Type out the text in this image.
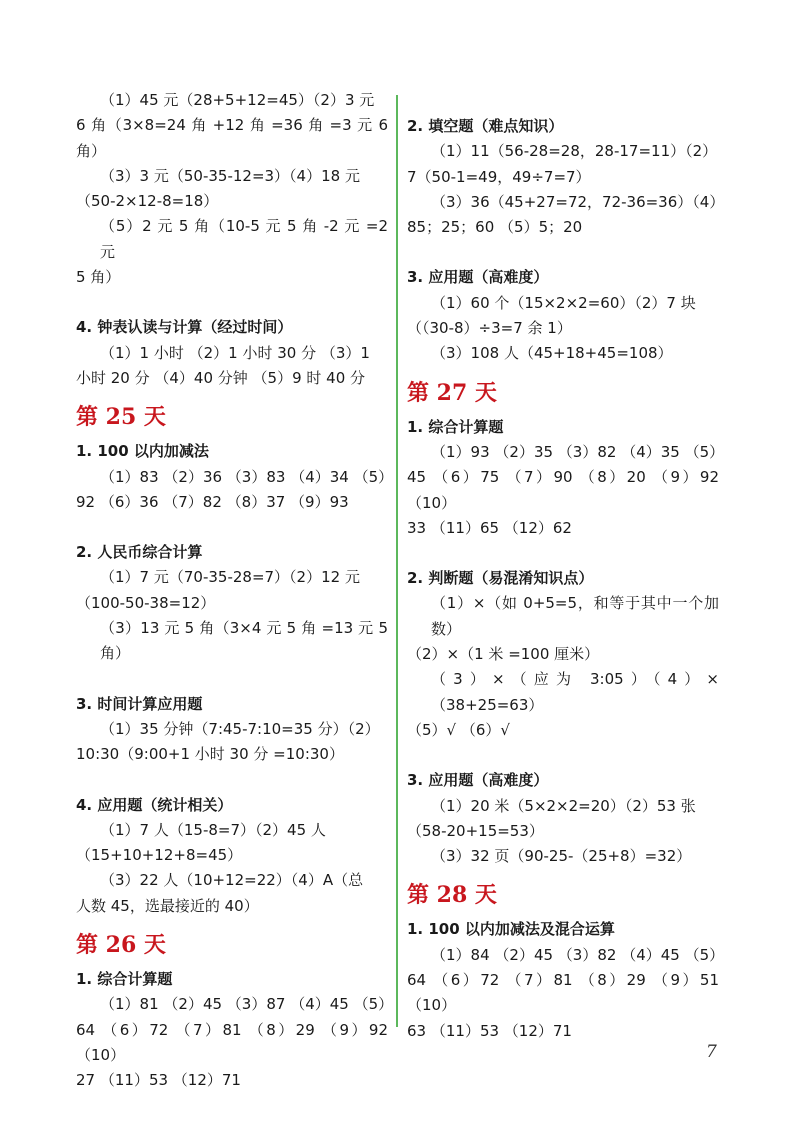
（1）45 元（28+5+12=45）（2）3 元

6 角（3×8=24 角 +12 角 =36 角 =3 元 6 角）

（3）3 元（50-35-12=3）（4）18 元

（50-2×12-8=18）

（5）2 元 5 角（10-5 元 5 角 -2 元 =2 元

5 角）

4. 钟表认读与计算（经过时间）

（1）1 小时 （2）1 小时 30 分 （3）1

小时 20 分 （4）40 分钟 （5）9 时 40 分

第 25 天

1. 100 以内加减法

（1）83 （2）36 （3）83 （4）34 （5）

92 （6）36 （7）82 （8）37 （9）93

2. 人民币综合计算

（1）7 元（70-35-28=7）（2）12 元

（100-50-38=12）

（3）13 元 5 角（3×4 元 5 角 =13 元 5 角）

3. 时间计算应用题

（1）35 分钟（7:45-7:10=35 分）（2）

10:30（9:00+1 小时 30 分 =10:30）

4. 应用题（统计相关）

（1）7 人（15-8=7）（2）45 人

（15+10+12+8=45）

（3）22 人（10+12=22）（4）A（总

人数 45，选最接近的 40）

第 26 天

1. 综合计算题

（1）81 （2）45 （3）87 （4）45 （5）

64 （6）72 （7）81 （8）29 （9）92 （10）

27 （11）53 （12）71

2. 填空题（难点知识）

（1）11（56-28=28，28-17=11）（2）

7（50-1=49，49÷7=7）

（3）36（45+27=72，72-36=36）（4）

85；25；60 （5）5；20

3. 应用题（高难度）

（1）60 个（15×2×2=60）（2）7 块

（（30-8）÷3=7 余 1）

（3）108 人（45+18+45=108）

第 27 天

1. 综合计算题

（1）93 （2）35 （3）82 （4）35 （5）

45 （6）75 （7）90 （8）20 （9）92 （10）

33 （11）65 （12）62

2. 判断题（易混淆知识点）

（1）×（如 0+5=5，和等于其中一个加数）

（2）×（1 米 =100 厘米）

（3）×（应为 3:05）（4）×（38+25=63）

（5）√ （6）√

3. 应用题（高难度）

（1）20 米（5×2×2=20）（2）53 张

（58-20+15=53）

（3）32 页（90-25-（25+8）=32）

第 28 天

1. 100 以内加减法及混合运算

（1）84 （2）45 （3）82 （4）45 （5）

64 （6）72 （7）81 （8）29 （9）51 （10）

63 （11）53 （12）71

7
